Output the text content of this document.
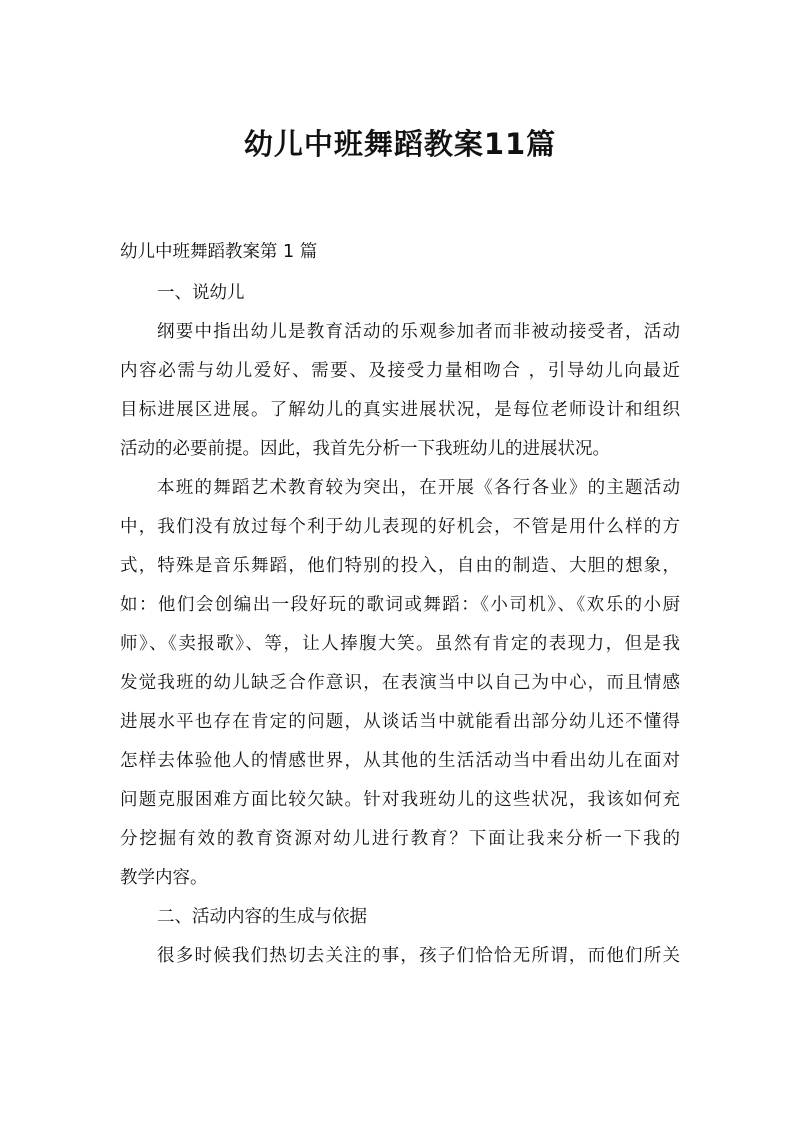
幼儿中班舞蹈教案11篇
幼儿中班舞蹈教案第 1 篇
一、说幼儿
纲要中指出幼儿是教育活动的乐观参加者而非被动接受者，活动
内容必需与幼儿爱好、需要、及接受力量相吻合 ，引导幼儿向最近
目标进展区进展。了解幼儿的真实进展状况，是每位老师设计和组织
活动的必要前提。因此，我首先分析一下我班幼儿的进展状况。
本班的舞蹈艺术教育较为突出，在开展《各行各业》的主题活动
中，我们没有放过每个利于幼儿表现的好机会，不管是用什么样的方
式，特殊是音乐舞蹈，他们特别的投入，自由的制造、大胆的想象，
如：他们会创编出一段好玩的歌词或舞蹈：《小司机》、《欢乐的小厨
师》、《卖报歌》、等，让人捧腹大笑。虽然有肯定的表现力，但是我
发觉我班的幼儿缺乏合作意识，在表演当中以自己为中心，而且情感
进展水平也存在肯定的问题，从谈话当中就能看出部分幼儿还不懂得
怎样去体验他人的情感世界，从其他的生活活动当中看出幼儿在面对
问题克服困难方面比较欠缺。针对我班幼儿的这些状况，我该如何充
分挖掘有效的教育资源对幼儿进行教育？下面让我来分析一下我的
教学内容。
二、活动内容的生成与依据
很多时候我们热切去关注的事，孩子们恰恰无所谓，而他们所关
